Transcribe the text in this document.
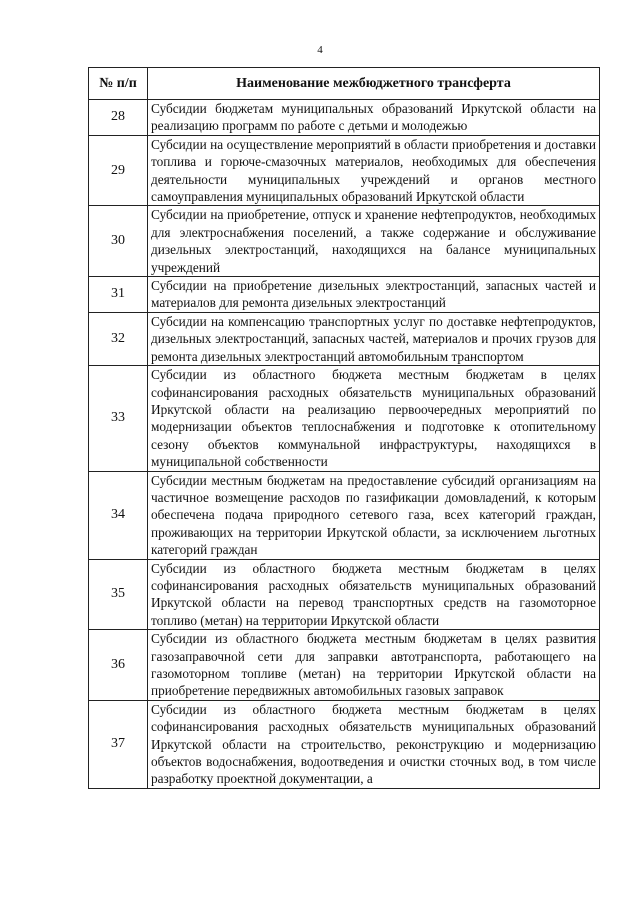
4
№ п/п	Наименование межбюджетного трансферта
28	Субсидии бюджетам муниципальных образований Иркутской области на реализацию программ по работе с детьми и молодежью
29	Субсидии на осуществление мероприятий в области приобретения и доставки топлива и горюче-смазочных материалов, необходимых для обеспечения деятельности муниципальных учреждений и органов местного самоуправления муниципальных образований Иркутской области
30	Субсидии на приобретение, отпуск и хранение нефтепродуктов, необходимых для электроснабжения поселений, а также содержание и обслуживание дизельных электростанций, находящихся на балансе муниципальных учреждений
31	Субсидии на приобретение дизельных электростанций, запасных частей и материалов для ремонта дизельных электростанций
32	Субсидии на компенсацию транспортных услуг по доставке нефтепродуктов, дизельных электростанций, запасных частей, материалов и прочих грузов для ремонта дизельных электростанций автомобильным транспортом
33	Субсидии из областного бюджета местным бюджетам в целях софинансирования расходных обязательств муниципальных образований Иркутской области на реализацию первоочередных мероприятий по модернизации объектов теплоснабжения и подготовке к отопительному сезону объектов коммунальной инфраструктуры, находящихся в муниципальной собственности
34	Субсидии местным бюджетам на предоставление субсидий организациям на частичное возмещение расходов по газификации домовладений, к которым обеспечена подача природного сетевого газа, всех категорий граждан, проживающих на территории Иркутской области, за исключением льготных категорий граждан
35	Субсидии из областного бюджета местным бюджетам в целях софинансирования расходных обязательств муниципальных образований Иркутской области на перевод транспортных средств на газомоторное топливо (метан) на территории Иркутской области
36	Субсидии из областного бюджета местным бюджетам в целях развития газозаправочной сети для заправки автотранспорта, работающего на газомоторном топливе (метан) на территории Иркутской области на приобретение передвижных автомобильных газовых заправок
37	Субсидии из областного бюджета местным бюджетам в целях софинансирования расходных обязательств муниципальных образований Иркутской области на строительство, реконструкцию и модернизацию объектов водоснабжения, водоотведения и очистки сточных вод, в том числе разработку проектной документации, а
